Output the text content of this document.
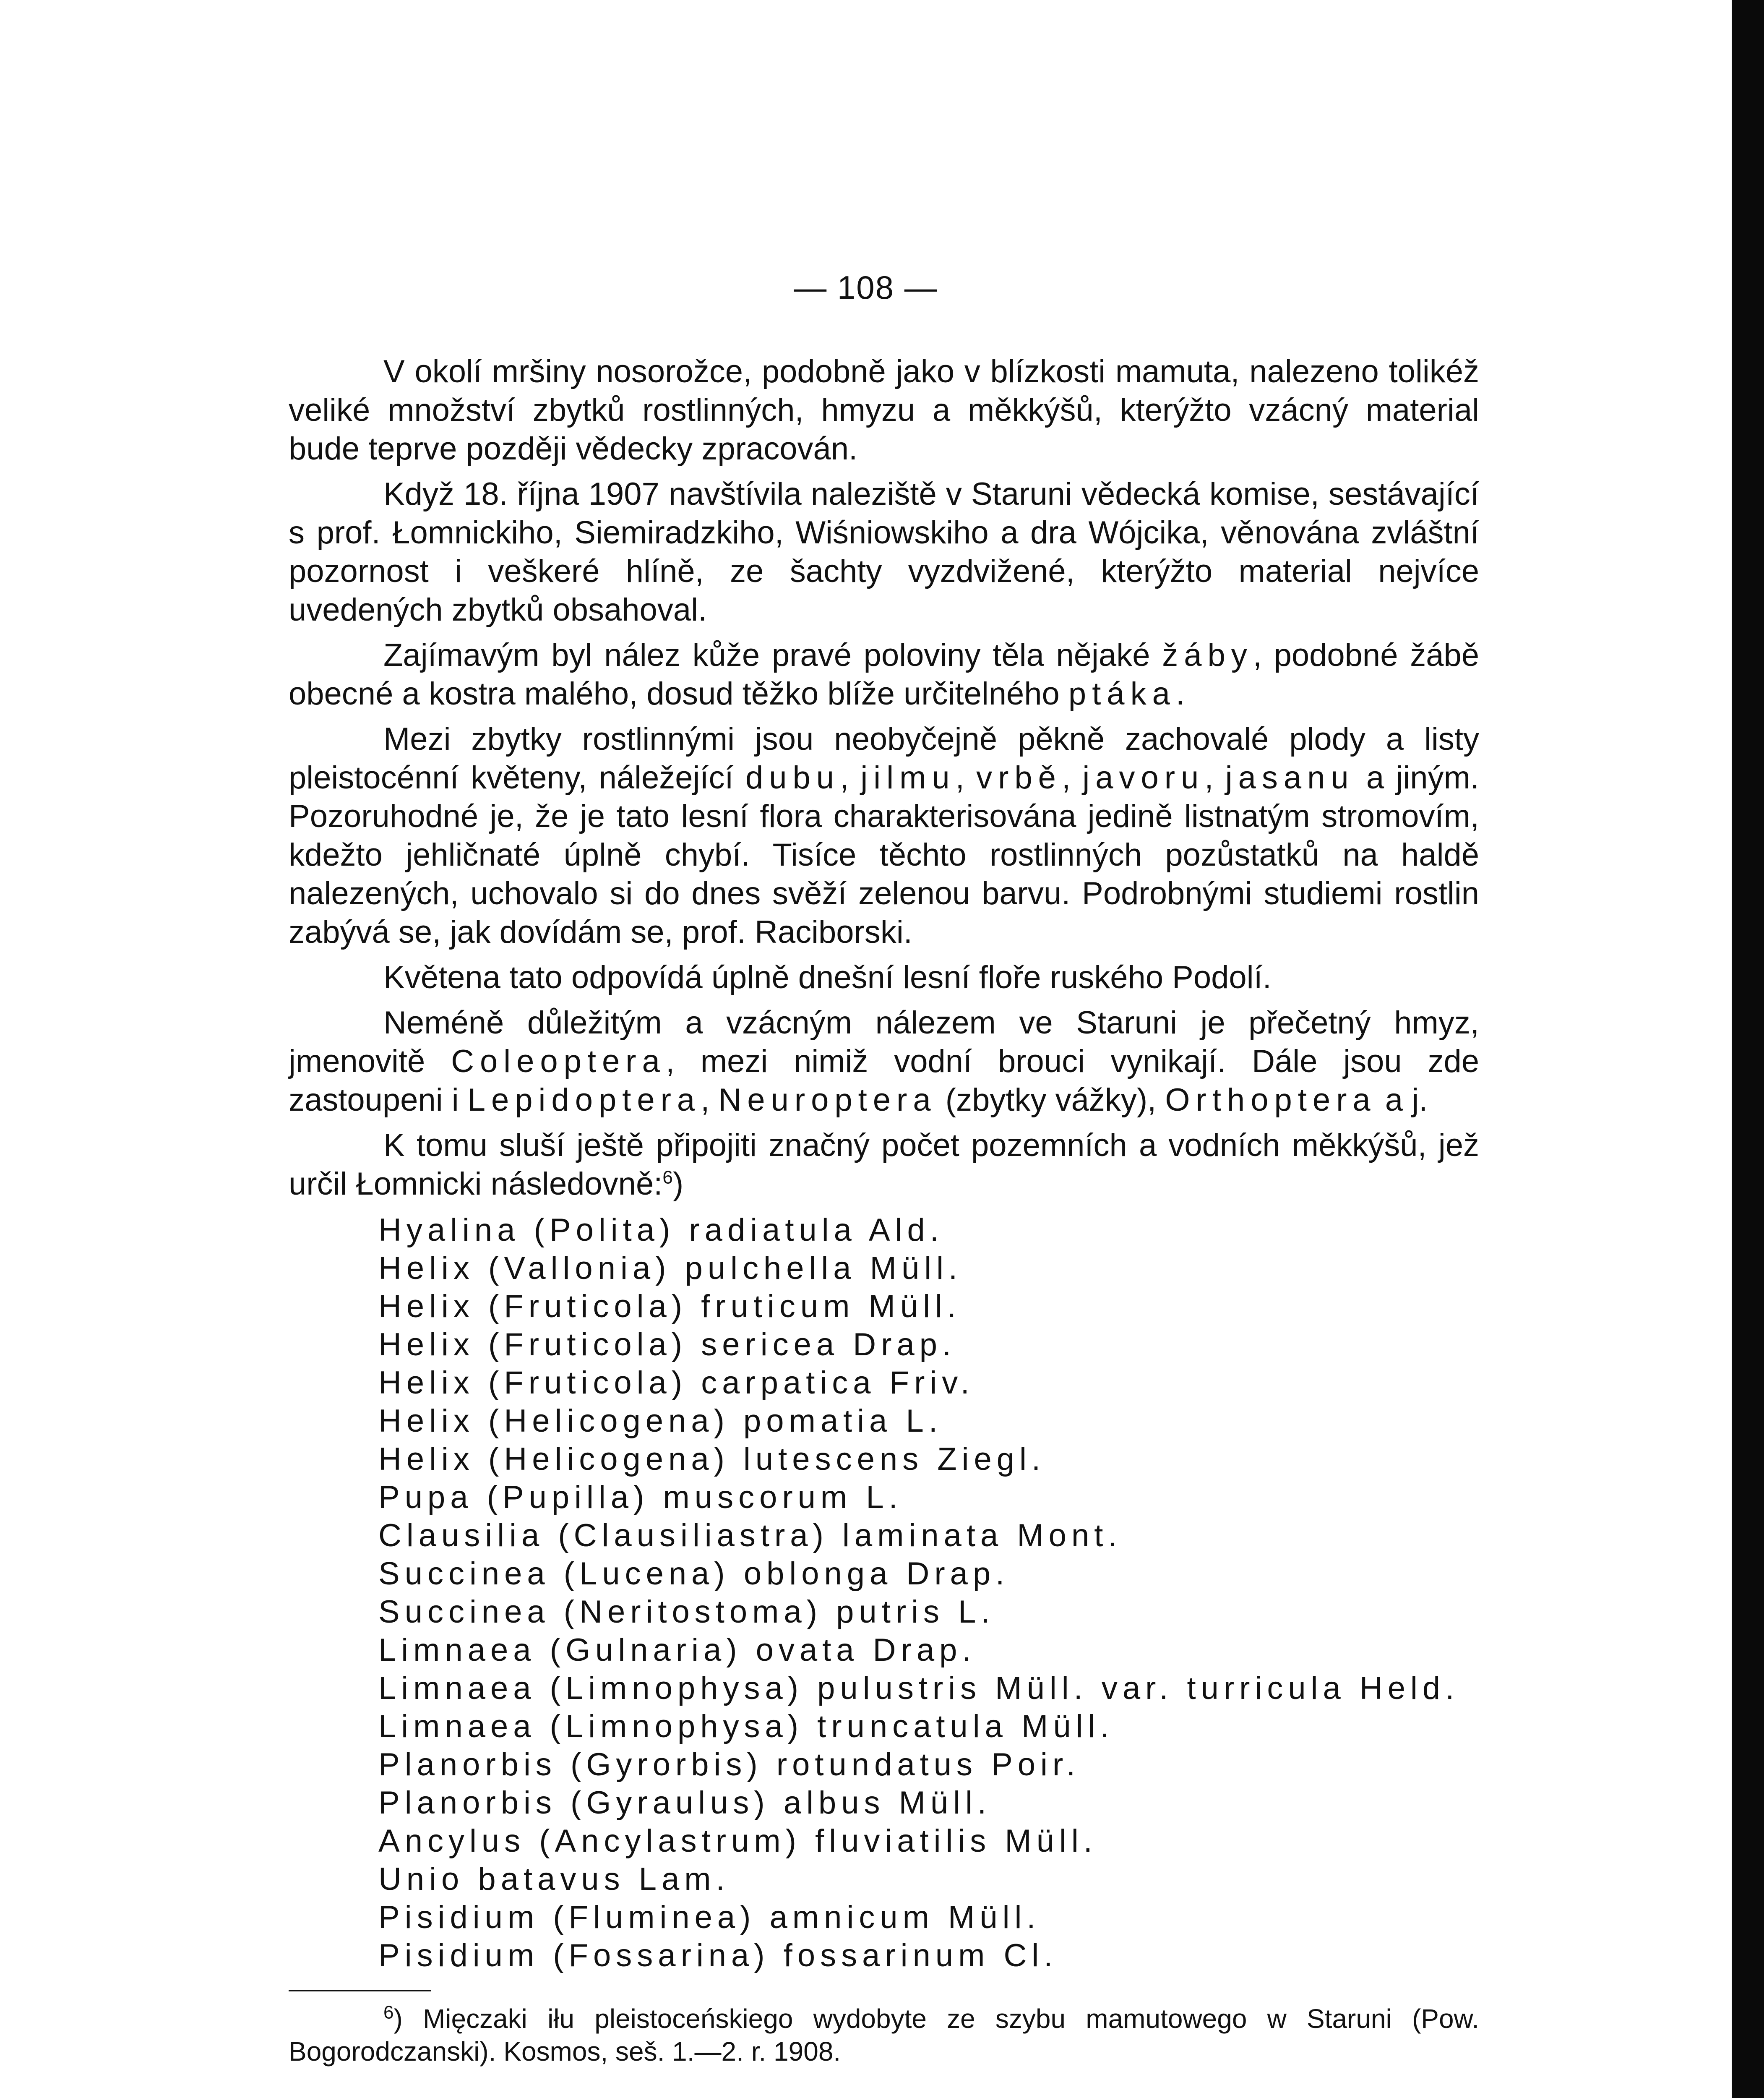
— 108 —

V okolí mršiny nosorožce, podobně jako v blízkosti mamuta, nalezeno tolikéž veliké množství zbytků rostlinných, hmyzu a měkkýšů, kterýžto vzácný material bude teprve později vědecky zpracován.

Když 18. října 1907 navštívila naleziště v Staruni vědecká komise, sestávající s prof. Łomnickiho, Siemiradzkiho, Wiśniowskiho a dra Wójcika, věnována zvláštní pozornost i veškeré hlíně, ze šachty vyzdvižené, kterýžto material nejvíce uvedených zbytků obsahoval.

Zajímavým byl nález kůže pravé poloviny těla nějaké žáby, podobné žábě obecné a kostra malého, dosud těžko blíže určitelného ptáka.

Mezi zbytky rostlinnými jsou neobyčejně pěkně zachovalé plody a listy pleistocénní květeny, náležející dubu, jilmu, vrbě, javoru, jasanu a jiným. Pozoruhodné je, že je tato lesní flora charakterisována jedině listnatým stromovím, kdežto jehličnaté úplně chybí. Tisíce těchto rostlinných pozůstatků na haldě nalezených, uchovalo si do dnes svěží zelenou barvu. Podrobnými studiemi rostlin zabývá se, jak dovídám se, prof. Raciborski.

Květena tato odpovídá úplně dnešní lesní floře ruského Podolí.

Neméně důležitým a vzácným nálezem ve Staruni je přečetný hmyz, jmenovitě Coleoptera, mezi nimiž vodní brouci vynikají. Dále jsou zde zastoupeni i Lepidoptera, Neuroptera (zbytky vážky), Orthoptera a j.

K tomu sluší ještě připojiti značný počet pozemních a vodních měkkýšů, jež určil Łomnicki následovně:$^6$)

Hyalina (Polita) radiatula Ald.
Helix (Vallonia) pulchella Müll.
Helix (Fruticola) fruticum Müll.
Helix (Fruticola) sericea Drap.
Helix (Fruticola) carpatica Friv.
Helix (Helicogena) pomatia L.
Helix (Helicogena) lutescens Ziegl.
Pupa (Pupilla) muscorum L.
Clausilia (Clausiliastra) laminata Mont.
Succinea (Lucena) oblonga Drap.
Succinea (Neritostoma) putris L.
Limnaea (Gulnaria) ovata Drap.
Limnaea (Limnophysa) pulustris Müll. var. turricula Held.
Limnaea (Limnophysa) truncatula Müll.
Planorbis (Gyrorbis) rotundatus Poir.
Planorbis (Gyraulus) albus Müll.
Ancylus (Ancylastrum) fluviatilis Müll.
Unio batavus Lam.
Pisidium (Fluminea) amnicum Müll.
Pisidium (Fossarina) fossarinum Cl.

$^6$) Mięczaki iłu pleistoceńskiego wydobyte ze szybu mamutowego w Staruni (Pow. Bogorodczanski). Kosmos, seš. 1.—2. r. 1908.
